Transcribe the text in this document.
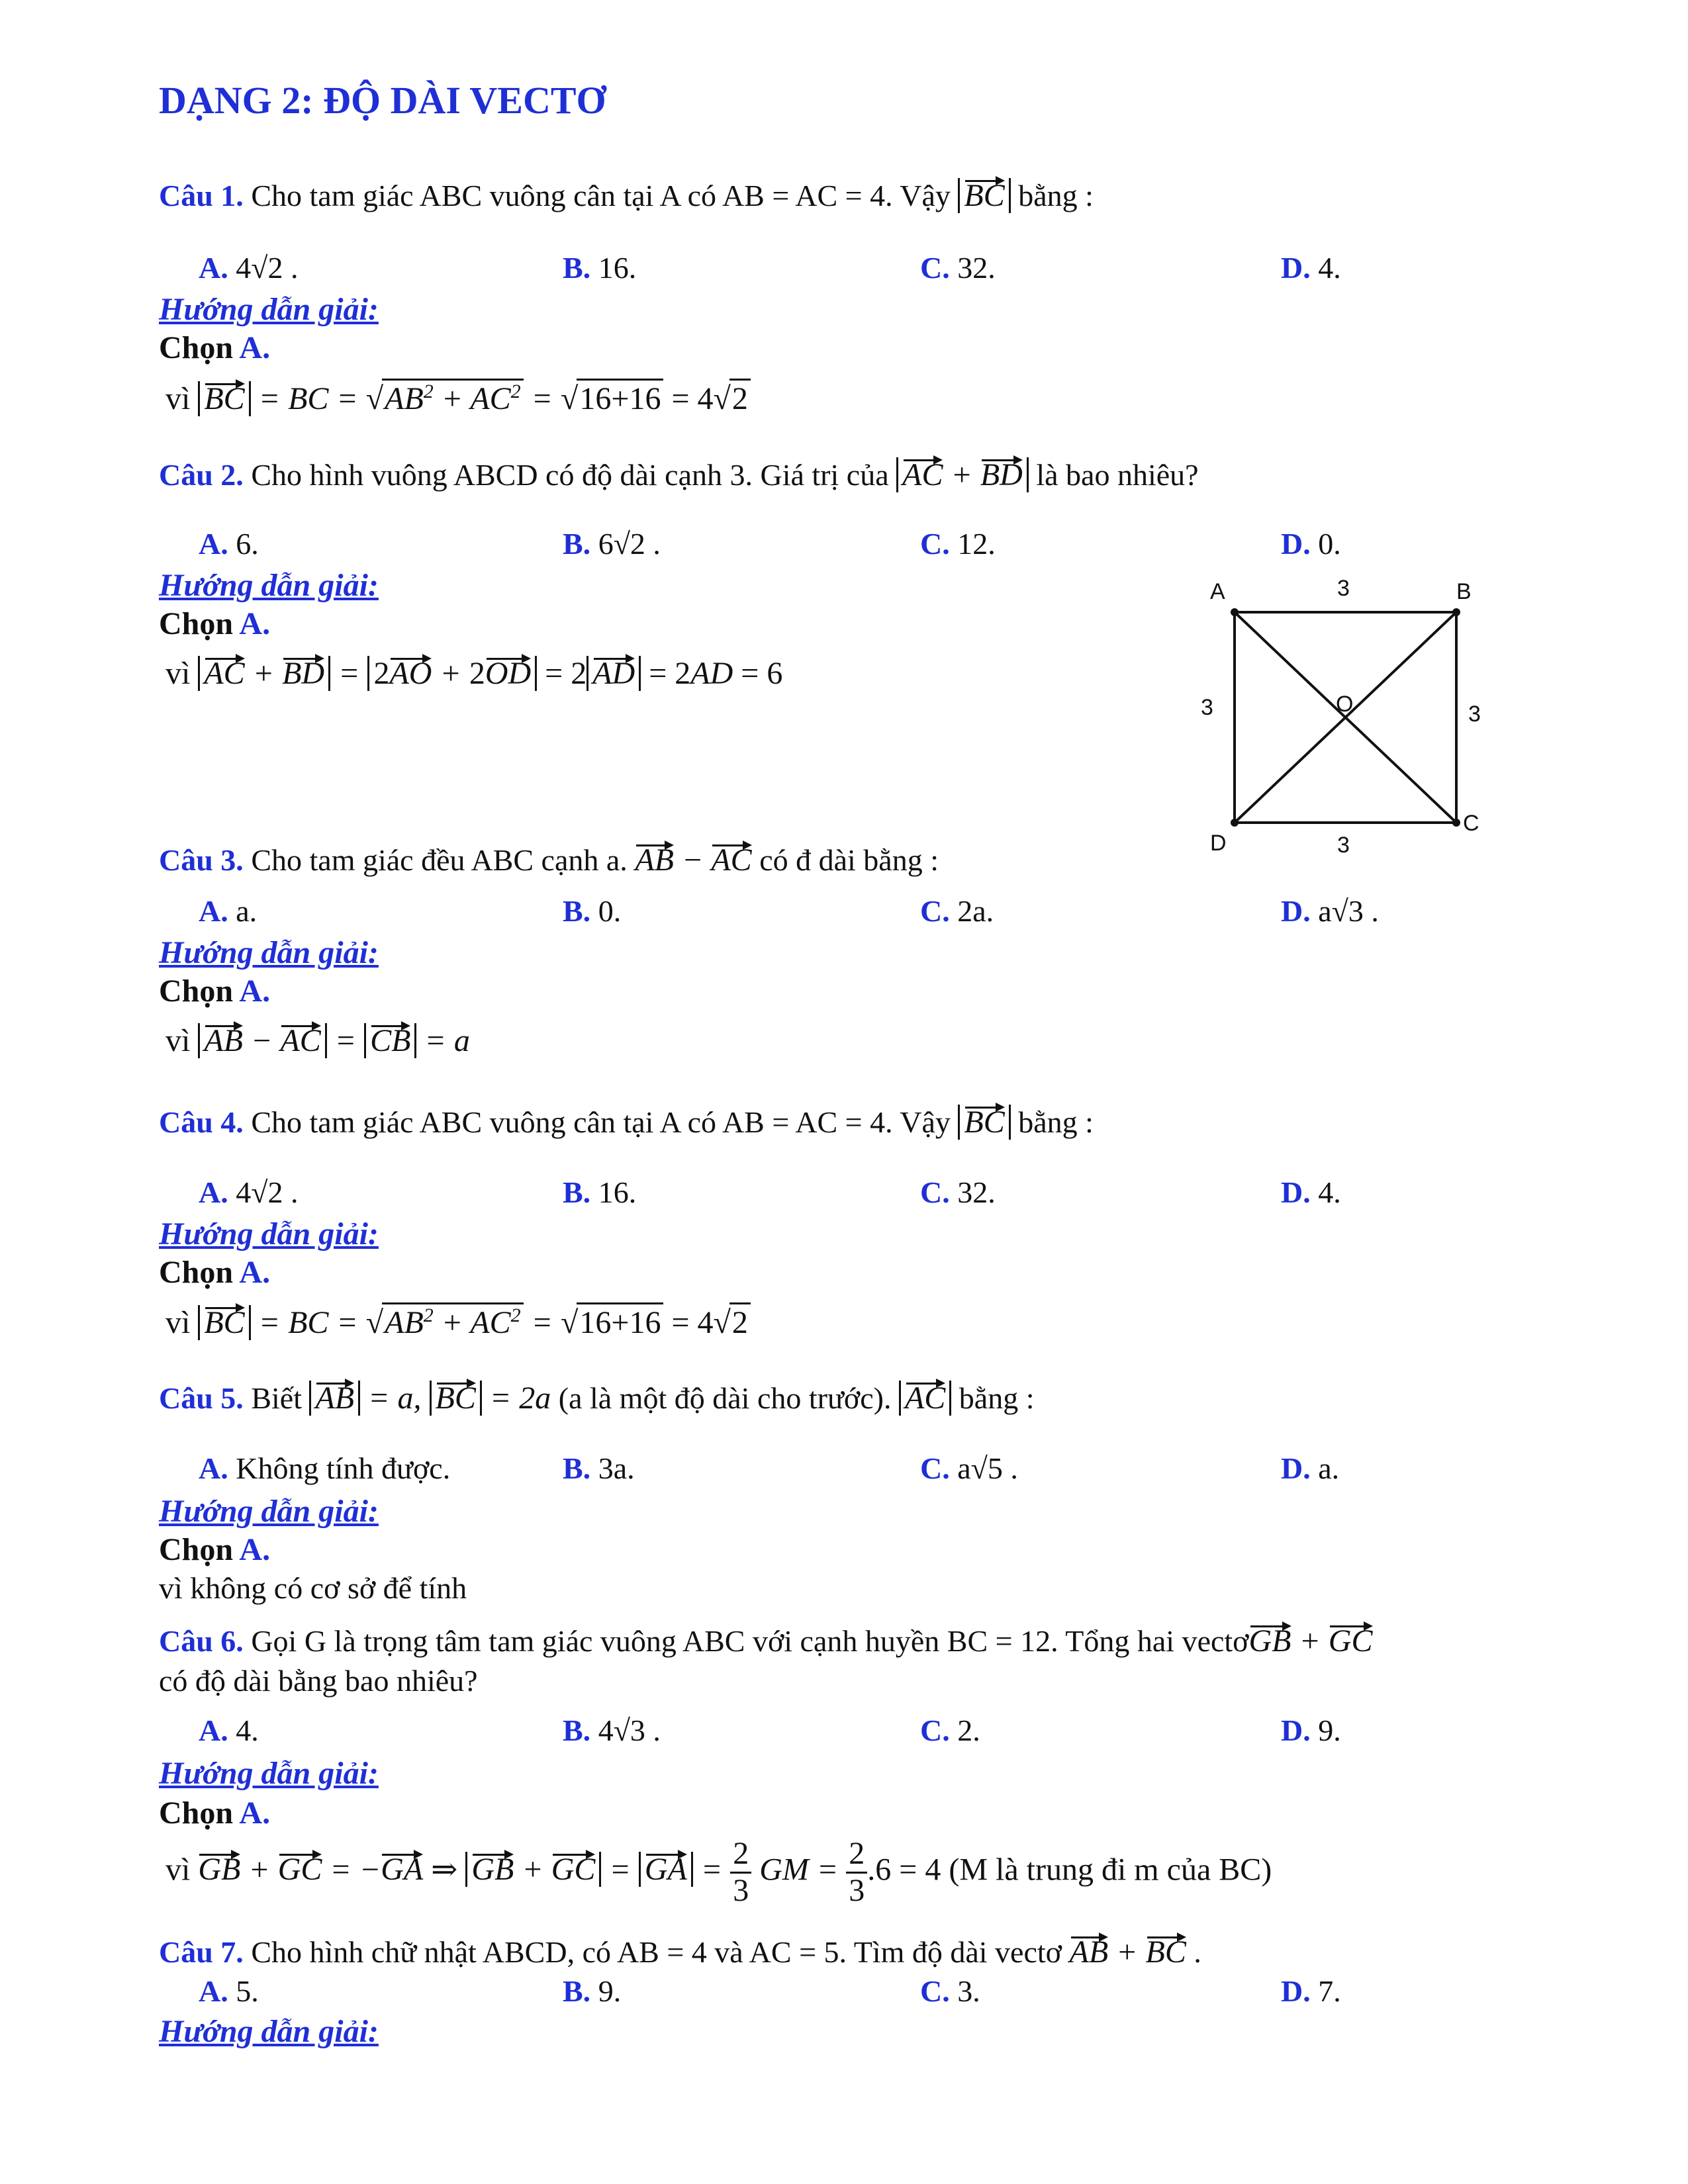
DẠNG 2: ĐỘ DÀI VECTƠ
Câu 1. Cho tam giác ABC vuông cân tại A có AB = AC = 4. Vậy BC bằng :
A. 4√2 .	B. 16.	C. 32.	D. 4.
Hướng dẫn giải:
Chọn A.
vì BC = BC = $√AB^2 + AC^2 = √16+16 = 4√2$
Câu 2. Cho hình vuông ABCD có độ dài cạnh 3. Giá trị của AC + BD là bao nhiêu?
A. 6.	B. 6√2 .	C. 12.	D. 0.
Hướng dẫn giải:
Chọn A.
vì AC + BD = 2AO + 2OD = 2 AD = 2AD = 6
A	B
C
D
O
3
3
3	3
Câu 3. Cho tam giác đều ABC cạnh a. AB − AC có đ dài bằng :
A. a.	B. 0.	C. 2a.	D. a√3 .
Hướng dẫn giải:
Chọn A.
vì AB − AC = CB = a
Câu 4. Cho tam giác ABC vuông cân tại A có AB = AC = 4. Vậy BC bằng :
A. 4√2 .	B. 16.	C. 32.	D. 4.
Hướng dẫn giải:
Chọn A.
vì BC = BC = $√AB^2 + AC^2 = √16+16 = 4√2$
Câu 5. Biết AB = a, BC = 2a (a là một độ dài cho trước). AC bằng :
A. Không tính được.	B. 3a.	C. a√5 .	D. a.
Hướng dẫn giải:
Chọn A.
vì không có cơ sở để tính
Câu 6. Gọi G là trọng tâm tam giác vuông ABC với cạnh huyền BC = 12. Tổng hai vectơGB + GC
có độ dài bằng bao nhiêu?
A. 4.	B. 4√3 .	C. 2.	D. 9.
Hướng dẫn giải:
Chọn A.
vì GB + GC = −GA ⇒ GB + GC = GA = $\frac{2}{3}$ GM = $\frac{2}{3} .6 = 4$ (M là trung đi m của BC)
Câu 7. Cho hình chữ nhật ABCD, có AB = 4 và AC = 5. Tìm độ dài vectơ AB + BC .
A. 5.	B. 9.	C. 3.	D. 7.
Hướng dẫn giải:
